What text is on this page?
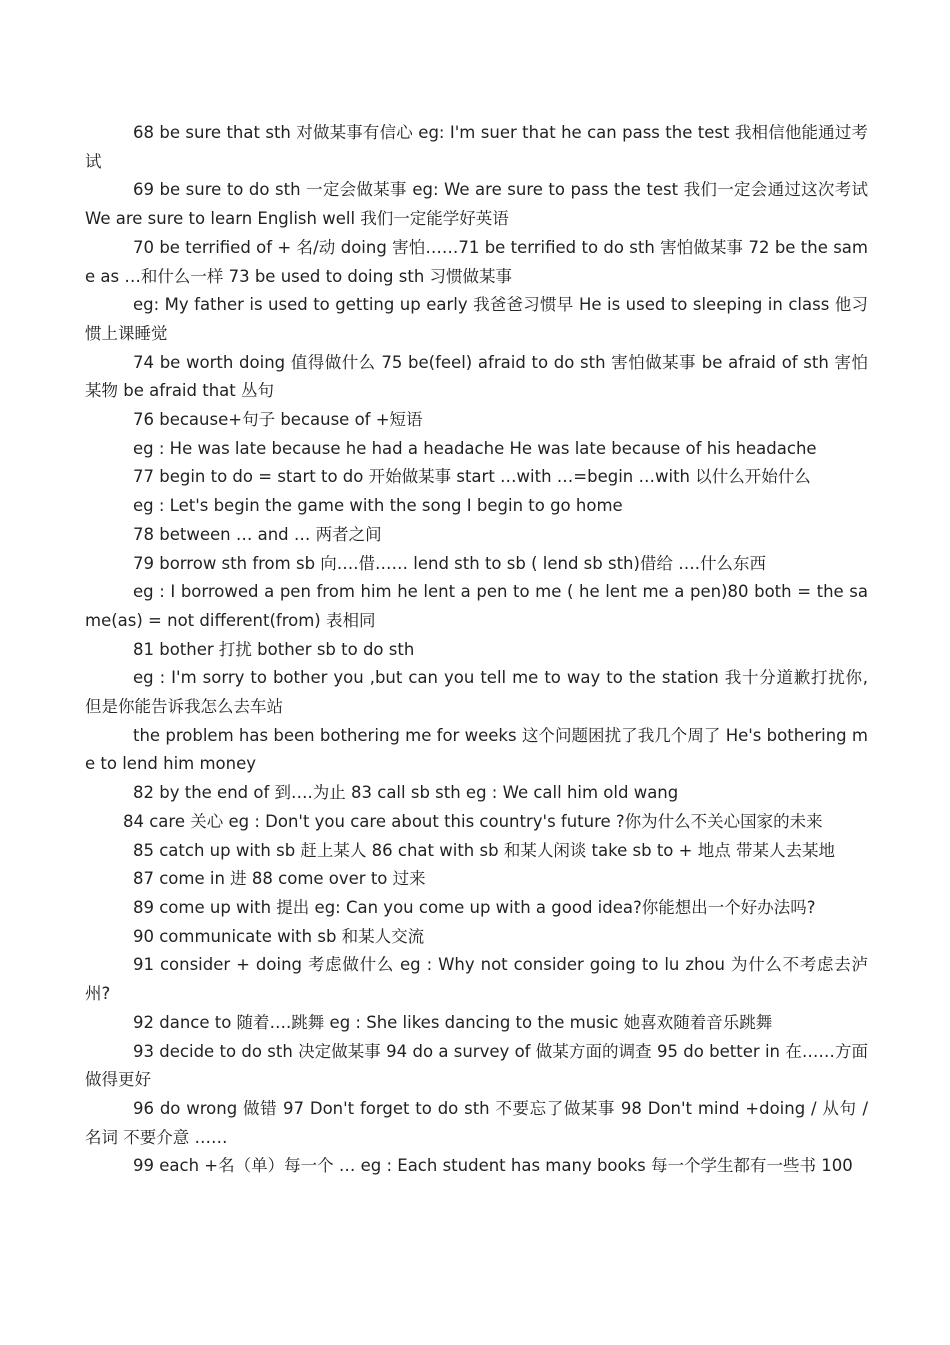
68 be sure that sth 对做某事有信心 eg: I'm suer that he can pass the test 我相信他能通过考试

69 be sure to do sth 一定会做某事 eg: We are sure to pass the test 我们一定会通过这次考试 We are sure to learn English well 我们一定能学好英语

70 be terrified of + 名/动 doing 害怕……71 be terrified to do sth 害怕做某事 72 be the same as …和什么一样 73 be used to doing sth 习惯做某事

eg: My father is used to getting up early 我爸爸习惯早 He is used to sleeping in class 他习惯上课睡觉

74 be worth doing 值得做什么 75 be(feel) afraid to do sth 害怕做某事 be afraid of sth 害怕某物 be afraid that 丛句

76 because+句子 because of +短语

eg : He was late because he had a headache He was late because of his headache

77 begin to do = start to do 开始做某事 start …with …=begin …with 以什么开始什么

eg : Let's begin the game with the song I begin to go home

78 between … and … 两者之间

79 borrow sth from sb 向….借…… lend sth to sb ( lend sb sth)借给 ….什么东西

eg : I borrowed a pen from him he lent a pen to me ( he lent me a pen)80 both = the same(as) = not different(from) 表相同

81 bother 打扰 bother sb to do sth

eg : I'm sorry to bother you ,but can you tell me to way to the station 我十分道歉打扰你, 但是你能告诉我怎么去车站

the problem has been bothering me for weeks 这个问题困扰了我几个周了 He's bothering me to lend him money

82 by the end of 到….为止 83 call sb sth eg : We call him old wang

84 care 关心 eg : Don't you care about this country's future ?你为什么不关心国家的未来

85 catch up with sb 赶上某人 86 chat with sb 和某人闲谈 take sb to + 地点 带某人去某地

87 come in 进 88 come over to 过来

89 come up with 提出 eg: Can you come up with a good idea?你能想出一个好办法吗?

90 communicate with sb 和某人交流

91 consider + doing 考虑做什么 eg : Why not consider going to lu zhou 为什么不考虑去泸州?

92 dance to 随着….跳舞 eg : She likes dancing to the music 她喜欢随着音乐跳舞

93 decide to do sth 决定做某事 94 do a survey of 做某方面的调查 95 do better in 在……方面做得更好

96 do wrong 做错 97 Don't forget to do sth 不要忘了做某事 98 Don't mind +doing / 从句 / 名词 不要介意 ……

99 each +名（单）每一个 … eg : Each student has many books 每一个学生都有一些书 100
